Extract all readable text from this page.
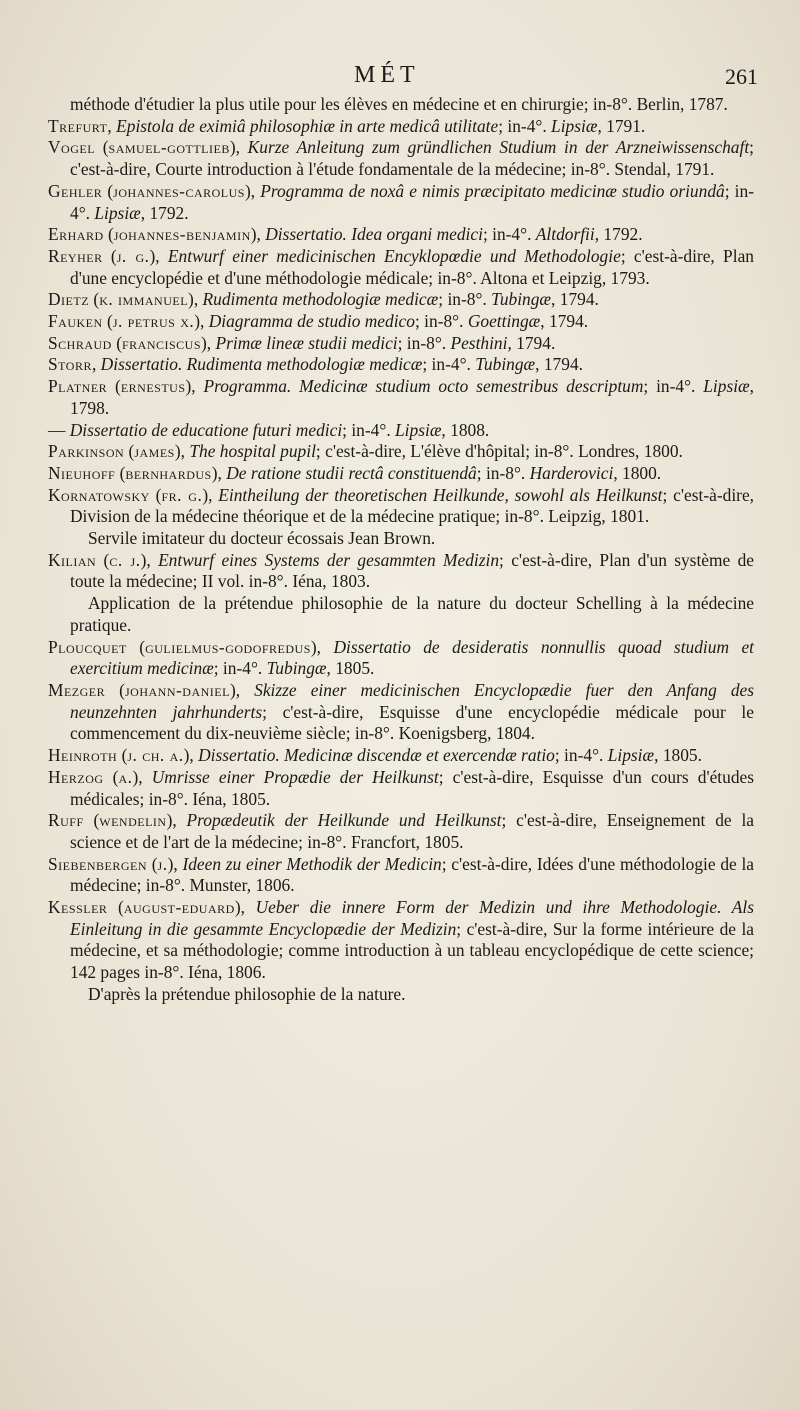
MÉT	261

méthode d'étudier la plus utile pour les élèves en médecine et en chirurgie; in-8°. Berlin, 1787.

Trefurt, Epistola de eximiâ philosophiæ in arte medicâ utilitate; in-4°. Lipsiæ, 1791.

Vogel (samuel-gottlieb), Kurze Anleitung zum gründlichen Studium in der Arzneiwissenschaft; c'est-à-dire, Courte introduction à l'étude fondamentale de la médecine; in-8°. Stendal, 1791.

Gehler (johannes-carolus), Programma de noxâ e nimis præcipitato medicinæ studio oriundâ; in-4°. Lipsiæ, 1792.

Erhard (johannes-benjamin), Dissertatio. Idea organi medici; in-4°. Altdorfii, 1792.

Reyher (j. g.), Entwurf einer medicinischen Encyklopœdie und Methodologie; c'est-à-dire, Plan d'une encyclopédie et d'une méthodologie médicale; in-8°. Altona et Leipzig, 1793.

Dietz (k. immanuel), Rudimenta methodologiæ medicæ; in-8°. Tubingæ, 1794.

Fauken (j. petrus x.), Diagramma de studio medico; in-8°. Goettingæ, 1794.

Schraud (franciscus), Primæ lineæ studii medici; in-8°. Pesthini, 1794.

Storr, Dissertatio. Rudimenta methodologiæ medicæ; in-4°. Tubingæ, 1794.

Platner (ernestus), Programma. Medicinæ studium octo semestribus descriptum; in-4°. Lipsiæ, 1798.

— Dissertatio de educatione futuri medici; in-4°. Lipsiæ, 1808.

Parkinson (james), The hospital pupil; c'est-à-dire, L'élève d'hôpital; in-8°. Londres, 1800.

Nieuhoff (bernhardus), De ratione studii rectâ constituendâ; in-8°. Harderovici, 1800.

Kornatowsky (fr. g.), Eintheilung der theoretischen Heilkunde, sowohl als Heilkunst; c'est-à-dire, Division de la médecine théorique et de la médecine pratique; in-8°. Leipzig, 1801.

Servile imitateur du docteur écossais Jean Brown.

Kilian (c. j.), Entwurf eines Systems der gesammten Medizin; c'est-à-dire, Plan d'un système de toute la médecine; II vol. in-8°. Iéna, 1803.

Application de la prétendue philosophie de la nature du docteur Schelling à la médecine pratique.

Ploucquet (gulielmus-godofredus), Dissertatio de desideratis nonnullis quoad studium et exercitium medicinæ; in-4°. Tubingæ, 1805.

Mezger (johann-daniel), Skizze einer medicinischen Encyclopædie fuer den Anfang des neunzehnten jahrhunderts; c'est-à-dire, Esquisse d'une encyclopédie médicale pour le commencement du dix-neuvième siècle; in-8°. Koenigsberg, 1804.

Heinroth (j. ch. a.), Dissertatio. Medicinæ discendæ et exercendæ ratio; in-4°. Lipsiæ, 1805.

Herzog (a.), Umrisse einer Propædie der Heilkunst; c'est-à-dire, Esquisse d'un cours d'études médicales; in-8°. Iéna, 1805.

Ruff (wendelin), Propædeutik der Heilkunde und Heilkunst; c'est-à-dire, Enseignement de la science et de l'art de la médecine; in-8°. Francfort, 1805.

Siebenbergen (j.), Ideen zu einer Methodik der Medicin; c'est-à-dire, Idées d'une méthodologie de la médecine; in-8°. Munster, 1806.

Kessler (august-eduard), Ueber die innere Form der Medizin und ihre Methodologie. Als Einleitung in die gesammte Encyclopædie der Medizin; c'est-à-dire, Sur la forme intérieure de la médecine, et sa méthodologie; comme introduction à un tableau encyclopédique de cette science; 142 pages in-8°. Iéna, 1806.

D'après la prétendue philosophie de la nature.
